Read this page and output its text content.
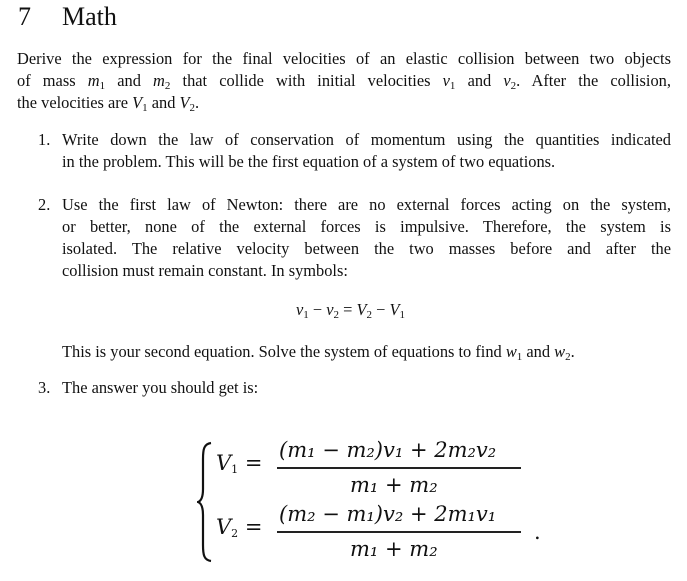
7 Math
Derive the expression for the final velocities of an elastic collision between two objects
of mass $m_1$ and $m_2$ that collide with initial velocities $v_1$ and $v_2$. After the collision,
the velocities are $V_1$ and $V_2$.
1. Write down the law of conservation of momentum using the quantities indicated
in the problem. This will be the first equation of a system of two equations.
2. Use the first law of Newton: there are no external forces acting on the system,
or better, none of the external forces is impulsive. Therefore, the system is
isolated. The relative velocity between the two masses before and after the
collision must remain constant. In symbols:
$v_1 - v_2 = V_2 - V_1$
This is your second equation. Solve the system of equations to find $w_1$ and $w_2$.
3. The answer you should get is:
$V_1$ =
(m₁ − m₂)v₁ + 2m₂v₂
m₁ + m₂
$V_2$ =
(m₂ − m₁)v₂ + 2m₁v₁
m₁ + m₂
.
